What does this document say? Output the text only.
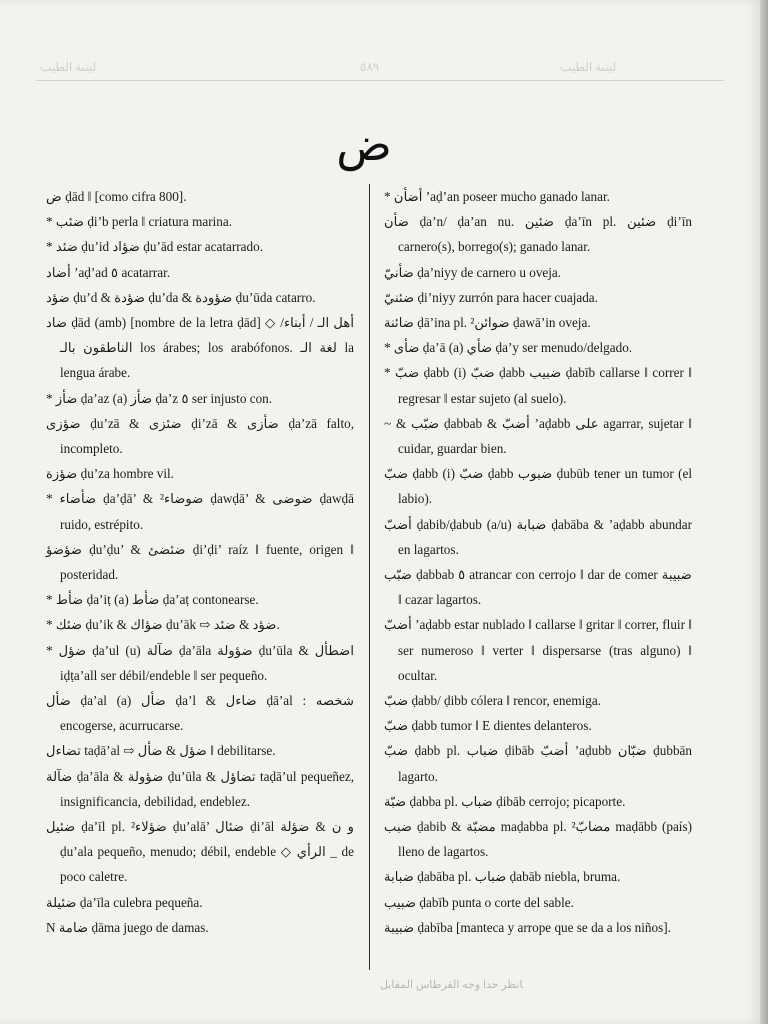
ﻟﻴﺘﺒﺔ ﺍﻟﻄﻴﺐ	٥٨٩	ﻟﻴﺘﺒﺔ ﺍﻟﻄﻴﺐ
ض

ض ḍād ‖ [como cifra 800].

* ضئب ḍi’b perla ‖ criatura marina.

* ضئد ḍu’id ضؤاد ḍu’ād estar acatarrado.

أضاد ’aḍ’ad ٥ acatarrar.

ضؤد ḍu’d & ضؤدة ḍu’da & ضؤودة ḍu’ūda catarro.

ضاد ḍād (amb) [nombre de la letra ḍād] ◇ أهل الـ / أبناء/الناطقون بالـ los árabes; los arabófonos. لغة الـ la lengua árabe.

* ضأز ḍa’az (a) ضأز ḍa’z ٥ ser injusto con.

ضؤزى ḍu’zā & ضئزى ḍi’zā & ضأزى ḍa’zā falto, incompleto.

ضؤزة ḍu’za hombre vil.

* ضأضاء ḍa’ḍā’ & ضوضاء² ḍawḍā’ & ضوضى ḍawḍā ruido, estrépito.

ضؤضؤ ḍu’ḍu’ & ضئضئ ḍi’ḍi’ raíz ‖ fuente, origen ‖ posteridad.

* ضأط ḍa’iṭ (a) ضأط ḍa’aṭ contonearse.

* ضئك ḍu’ik & ضؤاك ḍu’āk ⇨ ضؤد & ضئد.

* ضؤل ḍa’ul (u) ضآلة ḍa’āla ضؤولة ḍu’ūla & اضطأل iḍṭa’all ser débil/endeble ‖ ser pequeño.

ضأل ḍa’al (a) ضأل ḍa’l & ضاءل ḍā’al : شخصه encogerse, acurrucarse.

تضاءل taḍā’al ⇨ ضؤل & ضأل ‖ debilitarse.

ضآلة ḍa’āla & ضؤولة ḍu’ūla & تضاؤل taḍā’ul pequeñez, insignificancia, debilidad, endeblez.

ضئيل ḍa’īl pl. ضؤلاء² ḍu’alā’ ضئال ḍi’āl و ن & ضؤلة ḍu’ala pequeño, menudo; débil, endeble ◇ الرأي _ de poco caletre.

ضئيلة ḍa’īla culebra pequeña.

N ضامة ḍāma juego de damas.

* أضأن ’aḍ’an poseer mucho ganado lanar.

ضأن ḍa’n/ ḍa’an nu. ضئين ḍa’īn pl. ضئين ḍi’īn carnero(s), borrego(s); ganado lanar.

ضأنيّ ḍa’niyy de carnero u oveja.

ضئنيّ ḍi’niyy zurrón para hacer cuajada.

ضائنة ḍā’ina pl. ضوائن² ḍawā’in oveja.

* ضأى ḍa’ā (a) ضأي ḍa’y ser menudo/delgado.

* ضبّ ḍabb (i) ضبّ ḍabb ضبيب ḍabīb callarse ‖ correr ‖ regresar ‖ estar sujeto (al suelo).

~ & ضبّب ḍabbab & أضبّ ’aḍabb على agarrar, sujetar ‖ cuidar, guardar bien.

ضبّ ḍabb (i) ضبّ ḍabb ضبوب ḍubūb tener un tumor (el labio).

أضبّ ḍabib/ḍabub (a/u) ضبابة ḍabāba & ’aḍabb abundar en lagartos.

ضبّب ḍabbab ٥ atrancar con cerrojo ‖ dar de comer ضبيبة ‖ cazar lagartos.

أضبّ ’aḍabb estar nublado ‖ callarse ‖ gritar ‖ correr, fluir ‖ ser numeroso ‖ verter ‖ dispersarse (tras alguno) ‖ ocultar.

ضبّ ḍabb/ ḍibb cólera ‖ rencor, enemiga.

ضبّ ḍabb tumor ‖ E dientes delanteros.

ضبّ ḍabb pl. ضباب ḍibāb أضبّ ’aḍubb ضبّان ḍubbān lagarto.

ضبّة ḍabba pl. ضباب ḍibāb cerrojo; picaporte.

ضبب ḍabib & مضبّة maḍabba pl. مضابّ² maḍābb (país) lleno de lagartos.

ضبابة ḍabāba pl. ضباب ḍabāb niebla, bruma.

ضبيب ḍabīb punta o corte del sable.

ضبيبة ḍabība [manteca y arrope que se da a los niños].

ﺎﻧﻈﺮ ﺣﺪﺍ ﻭﺟﻪ ﺍﻟﻘﺮﻃﺎﺱ ﺍﻟﻤﻘﺎﺑﻞ
